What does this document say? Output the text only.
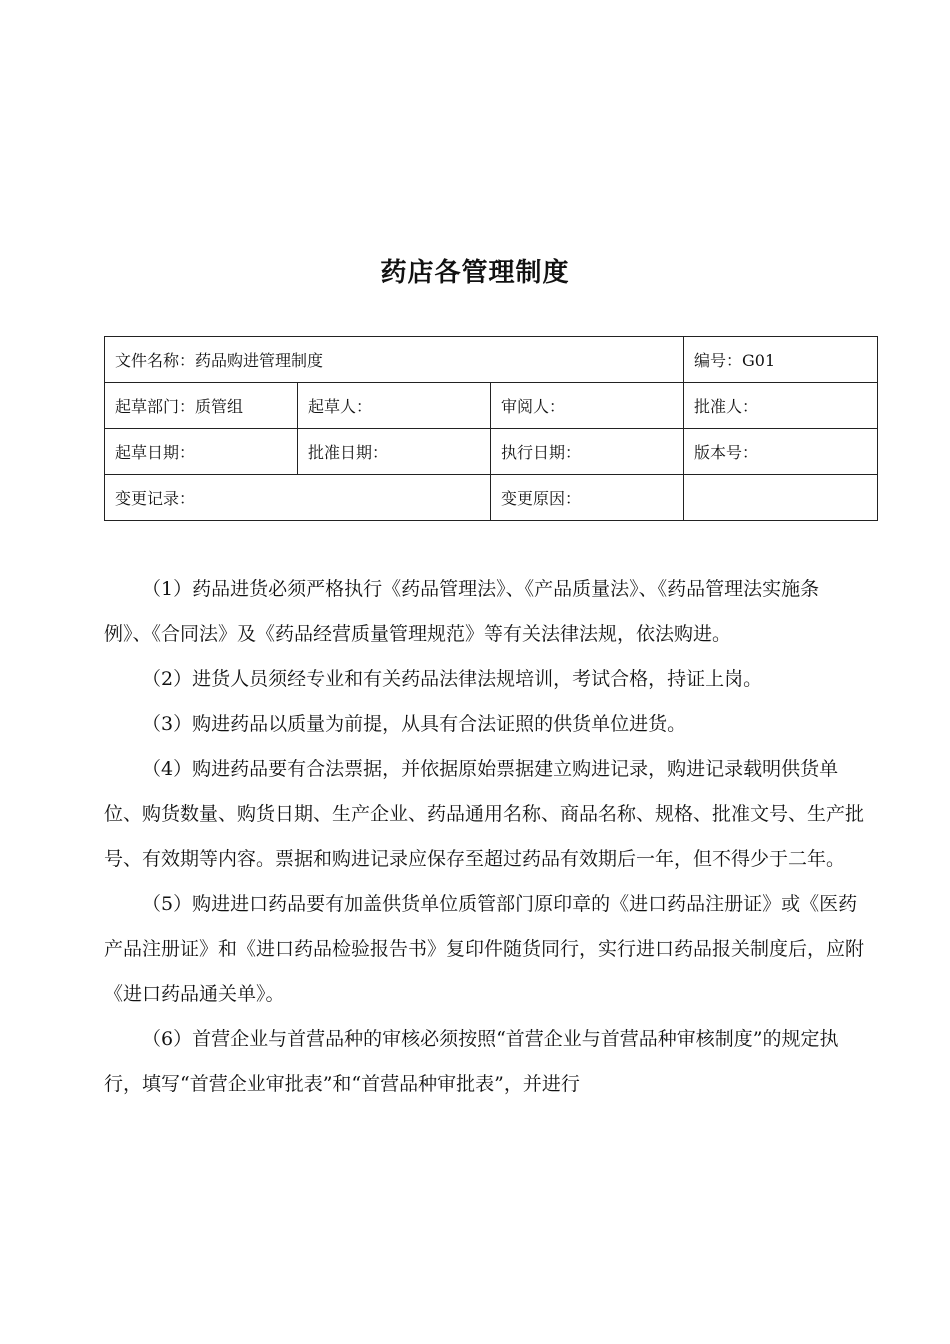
药店各管理制度
文件名称：药品购进管理制度			编号：G01
起草部门：质管组	起草人：	审阅人：	批准人：
起草日期：	批准日期：	执行日期：	版本号：
变更记录：		变更原因：	

（1）药品进货必须严格执行《药品管理法》、《产品质量法》、《药品管理法实施条例》、《合同法》及《药品经营质量管理规范》等有关法律法规，依法购进。

（2）进货人员须经专业和有关药品法律法规培训，考试合格，持证上岗。

（3）购进药品以质量为前提，从具有合法证照的供货单位进货。

（4）购进药品要有合法票据，并依据原始票据建立购进记录，购进记录载明供货单位、购货数量、购货日期、生产企业、药品通用名称、商品名称、规格、批准文号、生产批号、有效期等内容。票据和购进记录应保存至超过药品有效期后一年，但不得少于二年。

（5）购进进口药品要有加盖供货单位质管部门原印章的《进口药品注册证》或《医药产品注册证》和《进口药品检验报告书》复印件随货同行，实行进口药品报关制度后，应附《进口药品通关单》。

（6）首营企业与首营品种的审核必须按照“首营企业与首营品种审核制度”的规定执行，填写“首营企业审批表”和“首营品种审批表”，并进行
